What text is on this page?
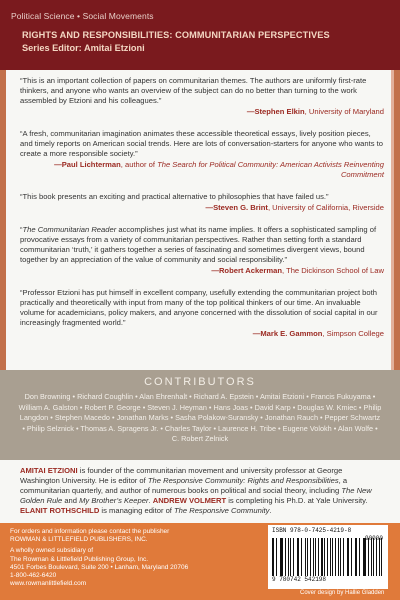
Political Science • Social Movements
RIGHTS AND RESPONSIBILITIES: COMMUNITARIAN PERSPECTIVES
Series Editor: Amitai Etzioni
“This is an important collection of papers on communitarian themes. The authors are uniformly first-rate thinkers, and anyone who wants an overview of the subject can do no better than turning to the work assembled by Etzioni and his colleagues.”
—Stephen Elkin, University of Maryland
“A fresh, communitarian imagination animates these accessible theoretical essays, lively position pieces, and timely reports on American social trends. Here are lots of conversation-starters for anyone who wants to create a more responsible society.”
—Paul Lichterman, author of The Search for Political Community: American Activists Reinventing Commitment
“This book presents an exciting and practical alternative to philosophies that have failed us.”
—Steven G. Brint, University of California, Riverside
“The Communitarian Reader accomplishes just what its name implies. It offers a sophisticated sampling of provocative essays from a variety of communitarian perspectives. Rather than setting forth a standard communitarian ‘truth,’ it gathers together a series of fascinating and sometimes divergent views, bound together by an appreciation of the value of community and social responsibility.”
—Robert Ackerman, The Dickinson School of Law
“Professor Etzioni has put himself in excellent company, usefully extending the communitarian project both practically and theoretically with input from many of the top political thinkers of our time. An invaluable volume for academicians, policy makers, and anyone concerned with the dissolution of social capital in our increasingly fragmented world.”
—Mark E. Gammon, Simpson College
CONTRIBUTORS
Don Browning • Richard Coughlin • Alan Ehrenhalt • Richard A. Epstein • Amitai Etzioni • Francis Fukuyama • William A. Galston • Robert P. George • Steven J. Heyman • Hans Joas • David Karp • Douglas W. Kmiec • Philip Langdon • Stephen Macedo • Jonathan Marks • Sasha Polakow-Suransky • Jonathan Rauch • Pepper Schwartz • Philip Selznick • Thomas A. Spragens Jr. • Charles Taylor • Laurence H. Tribe • Eugene Volokh • Alan Wolfe • C. Robert Zelnick
AMITAI ETZIONI is founder of the communitarian movement and university professor at George Washington University. He is editor of The Responsive Community: Rights and Responsibilities, a communitarian quarterly, and author of numerous books on political and social theory, including The New Golden Rule and My Brother’s Keeper. ANDREW VOLMERT is completing his Ph.D. at Yale University. ELANIT ROTHSCHILD is managing editor of The Responsive Community.
For orders and information please contact the publisher
ROWMAN & LITTLEFIELD PUBLISHERS, INC.
A wholly owned subsidiary of
The Rowman & Littlefield Publishing Group, Inc.
4501 Forbes Boulevard, Suite 200 • Lanham, Maryland 20706
1-800-462-6420
www.rowmanlittlefield.com
ISBN 978-0-7425-4219-8
90000
9 780742 542198
Cover design by Hallie Gladden
